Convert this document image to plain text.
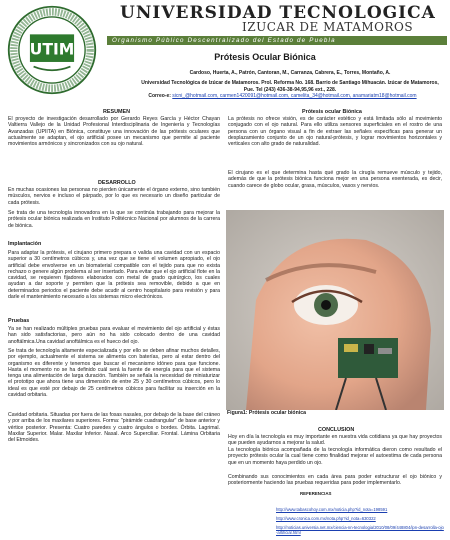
UTIM
UNIVERSIDAD TECNOLOGICA
IZUCAR DE MATAMOROS
Organismo Público Descentralizado del Estado de Puebla
Prótesis Ocular Biónica
Cardoso, Huerta, A., Patrón, Cantoran, M., Carranza, Cabrera, E., Torres, Montaño, A.
Universidad Tecnológica de Izúcar de Matamoros. Prol. Reforma No. 168. Barrio de Santiago Mihuacán. Izúcar de Matamoros, Pue. Tel (243) 436-38-94,95,96 ext., 228.
Correo-e: sicni_@hotmail.com, carmen1420091@hotmail.com, camelita_34@hotmail.com, anamariatm18@hotmail.com
RESUMEN

El proyecto de investigación desarrollado por Gerardo Reyes García y Héctor Chayan Valtierra Vallejo de la Unidad Profesional Interdisciplinaria de Ingeniería y Tecnologías Avanzadas (UPIITA) en Biónica, constituye una innovación de las prótesis oculares que actualmente se adaptan, el ojo artificial posee un mecanismo que permite al paciente movimientos armónicos y sincronizados con su ojo natural.

DESARROLLO

En muchas ocasiones las personas no pierden únicamente el órgano externo, sino también músculos, nervios e incluso el párpado, por lo que es necesario un diseño particular de cada prótesis.

Se trata de una tecnología innovadora en la que se continúa trabajando para mejorar la prótesis ocular biónica realizada en Instituto Politécnico Nacional por alumnos de la carrera de biónica.

Implantación

Para adaptar la prótesis, el cirujano primero prepara o valida una cavidad con un espacio superior a 30 centímetros cúbicos y, una vez que se tiene el volumen apropiado, el ojo artificial debe envolverse en un biomaterial compatible con el tejido para que no exista rechazo o genere algún problema al ser insertado. Para evitar que el ojo artificial flote en la cavidad, se requieren fijadores elaborados con metal de grado quirúrgico, los cuales ayudan a dar soporte y permiten que la prótesis sea removible, debido a que en determinados periodos el paciente debe acudir al centro hospitalario para revisión y para darle el mantenimiento necesario a los sistemas micro electrónicos.

Pruebas

Ya se han realizado múltiples pruebas para evaluar el movimiento del ojo artificial y éstas han sido satisfactorias, pero aún no ha sido colocado dentro de una cavidad anoftálmica.Una cavidad anoftálmica es el hueco del ojo.

Se trata de tecnología altamente especializada y por ello se deben afinar muchos detalles, por ejemplo, actualmente el sistema se alimenta con baterías, pero al estar dentro del organismo es diferente y tenemos que buscar el mecanismo idóneo para que funcione. Hasta el momento no se ha definido cuál será la fuente de energía para que el sistema tenga una alimentación de larga duración. También se señala la necesidad de miniaturizar el prototipo que ahora tiene una dimensión de entre 25 y 30 centímetros cúbicos, pero lo ideal es que esté por debajo de 25 centímetros cúbicos para facilitar su inserción en la cavidad orbitaria.

Cavidad orbitaria. Situadas por fuera de las fosas nasales, por debajo de la base del cráneo y por arriba de los maxilares superiores. Forma: "pirámide cuadrangular" de base anterior y vértice posterior. Presenta: Cuatro paredes y cuatro ángulos o bordes. Órbita. Lagrimal. Maxilar Superior. Malar. Maxilar Inferior. Nasal. Arco Superciliar. Frontal. Lámina Orbitaria del Etmoides.

Prótesis ocular Biónica

La prótesis no ofrece visión, es de carácter estético y está limitada sólo al movimiento conjugado con el ojo natural. Para ello utiliza sensores superficiales en el rostro de una persona con un órgano visual a fin de extraer las señales especificas para generar un desplazamiento conjunto de un ojo natural-prótesis, y lograr movimientos horizontales y verticales con alto grado de naturalidad.

El cirujano es el que determina hasta qué grado la cirugía remueve músculo y tejido, además de que la prótesis biónica funciona mejor en una persona exenterada, es decir, cuando carece de globo ocular, grasa, músculos, vasos y nervios.

Figura1: Prótesis ocular biónica
CONCLUSION

Hoy en día la tecnología es muy importante en nuestra vida cotidiana ya que hay proyectos que pueden ayudarnos a mejorar la salud.

La tecnología biónica acompañada de la tecnología informática dieron como resultado el proyecto prótesis ocular la cual tiene como finalidad mejorar el autoestima de cada persona que en un momento haya perdido un ojo.

Combinando sus conocimientos en cada área para poder estructurar el ojo biónico y posteriormente haciendo las pruebas requeridas para poder implementarlo.

REFERENCIAS
http://www.tabascohoy.com.mx/noticia.php?id_nota=198591
http://www.cronica.com.mx/nota.php?id_nota=630322
http://noticias.universia.net.mx/ciencia-nn-tecnologia/2010/08/09/448804/ipn-desarrolla-ojo-artificial.html
